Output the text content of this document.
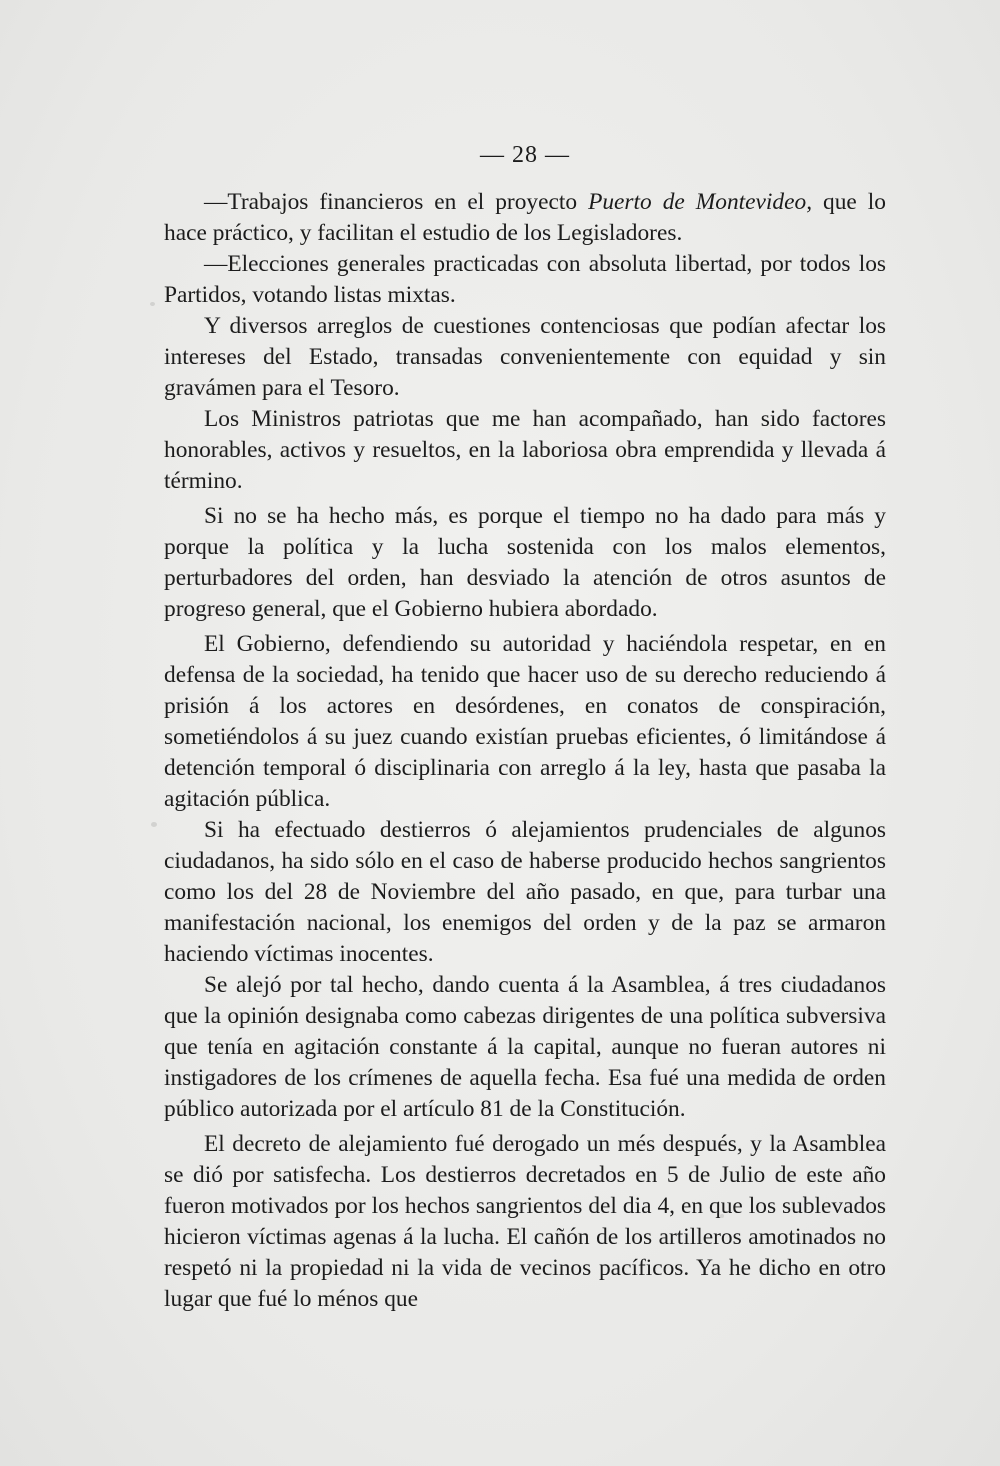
— 28 —

—Trabajos financieros en el proyecto Puerto de Montevideo, que lo hace práctico, y facilitan el estudio de los Legisladores.

—Elecciones generales practicadas con absoluta libertad, por todos los Partidos, votando listas mixtas.

Y diversos arreglos de cuestiones contenciosas que podían afectar los intereses del Estado, transadas convenientemente con equidad y sin gravámen para el Tesoro.

Los Ministros patriotas que me han acompañado, han sido factores honorables, activos y resueltos, en la laboriosa obra emprendida y llevada á término.

Si no se ha hecho más, es porque el tiempo no ha dado para más y porque la política y la lucha sostenida con los malos elementos, perturbadores del orden, han desviado la atención de otros asuntos de progreso general, que el Gobierno hubiera abordado.

El Gobierno, defendiendo su autoridad y haciéndola respetar, en en defensa de la sociedad, ha tenido que hacer uso de su derecho reduciendo á prisión á los actores en desórdenes, en conatos de conspiración, sometiéndolos á su juez cuando existían pruebas eficientes, ó limitándose á detención temporal ó disciplinaria con arreglo á la ley, hasta que pasaba la agitación pública.

Si ha efectuado destierros ó alejamientos prudenciales de algunos ciudadanos, ha sido sólo en el caso de haberse producido hechos sangrientos como los del 28 de Noviembre del año pasado, en que, para turbar una manifestación nacional, los enemigos del orden y de la paz se armaron haciendo víctimas inocentes.

Se alejó por tal hecho, dando cuenta á la Asamblea, á tres ciudadanos que la opinión designaba como cabezas dirigentes de una política subversiva que tenía en agitación constante á la capital, aunque no fueran autores ni instigadores de los crímenes de aquella fecha. Esa fué una medida de orden público autorizada por el artículo 81 de la Constitución.

El decreto de alejamiento fué derogado un més después, y la Asamblea se dió por satisfecha. Los destierros decretados en 5 de Julio de este año fueron motivados por los hechos sangrientos del dia 4, en que los sublevados hicieron víctimas agenas á la lucha. El cañón de los artilleros amotinados no respetó ni la propiedad ni la vida de vecinos pacíficos. Ya he dicho en otro lugar que fué lo ménos que
